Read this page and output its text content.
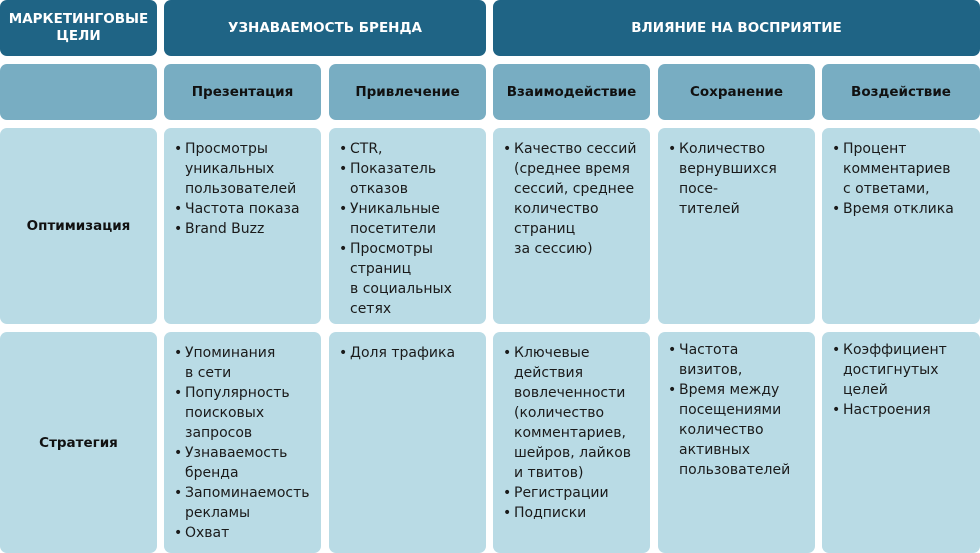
МАРКЕТИНГОВЫЕ
ЦЕЛИ	УЗНАВАЕМОСТЬ БРЕНДА	ВЛИЯНИЕ НА ВОСПРИЯТИЕ
Презентация	Привлечение	Взаимодействие	Сохранение	Воздействие
Оптимизация
• Просмотры
уникальных
пользователей
• Частота показа
• Brand Buzz
• CTR,
• Показатель
отказов
• Уникальные
посетители
• Просмотры
страниц
в социальных
сетях
• Качество сессий
(среднее время
сессий, среднее
количество
страниц
за сессию)
• Количество
вернувшихся посе-
тителей
• Процент
комментариев
с ответами,
• Время отклика
Стратегия
• Упоминания
в сети
• Популярность
поисковых
запросов
• Узнаваемость
бренда
• Запоминаемость
рекламы
• Охват
• Доля трафика
•	Ключевые
действия
вовлеченности
(количество
комментариев,
шейров, лайков
и твитов)
• Регистрации
• Подписки
• Частота
визитов,
• Время между
посещениями
количество
активных
пользователей
• Коэффициент
достигнутых
целей
• Настроения
